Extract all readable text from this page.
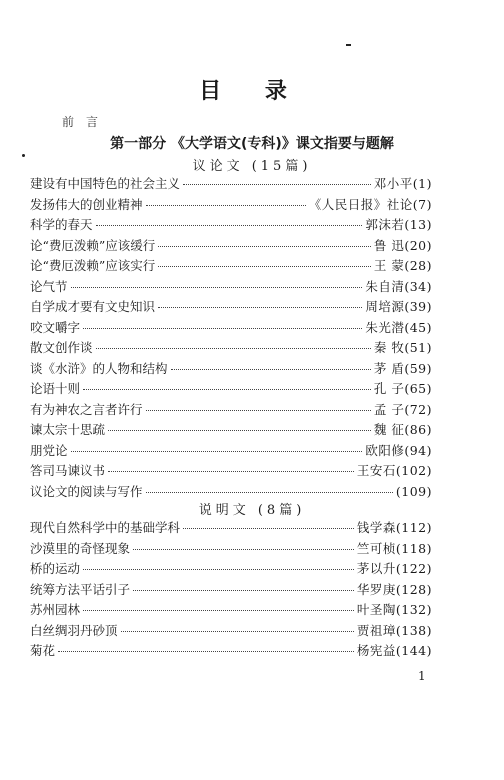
目 录
前言
第一部分 《大学语文(专科)》课文指要与题解
议论文 (15篇)
建设有中国特色的社会主义	邓小平(1)
发扬伟大的创业精神	《人民日报》社论(7)
科学的春天	郭沫若(13)
论“费厄泼赖”应该缓行	鲁 迅(20)
论“费厄泼赖”应该实行	王 蒙(28)
论气节	朱自清(34)
自学成才要有文史知识	周培源(39)
咬文嚼字	朱光潜(45)
散文创作谈	秦 牧(51)
谈《水浒》的人物和结构	茅 盾(59)
论语十则	孔 子(65)
有为神农之言者许行	孟 子(72)
谏太宗十思疏	魏 征(86)
朋党论	欧阳修(94)
答司马谏议书	王安石(102)
议论文的阅读与写作	(109)
说明文 (8篇)
现代自然科学中的基础学科	钱学森(112)
沙漠里的奇怪现象	竺可桢(118)
桥的运动	茅以升(122)
统筹方法平话引子	华罗庚(128)
苏州园林	叶圣陶(132)
白丝绸羽丹砂顶	贾祖璋(138)
菊花	杨宪益(144)
1
